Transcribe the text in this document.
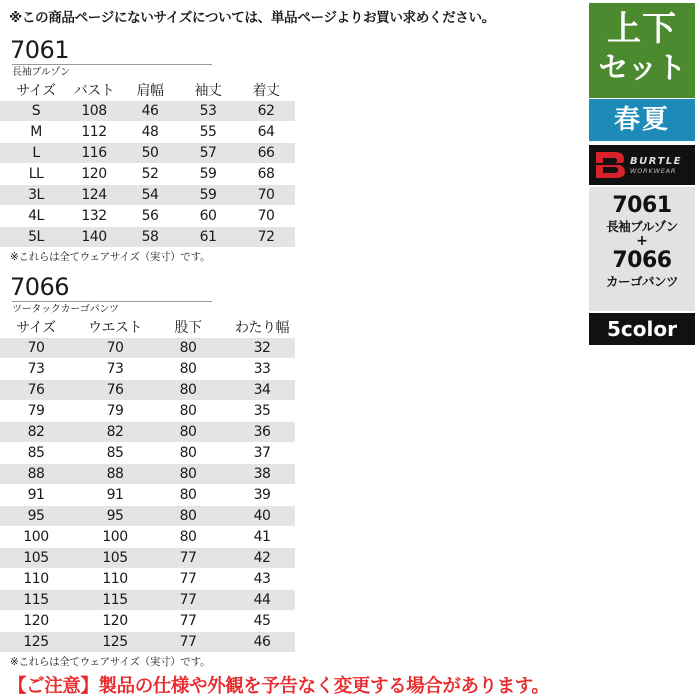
※この商品ページにないサイズについては、単品ページよりお買い求めください。
7061
長袖ブルゾン
サイズ	バスト	肩幅	袖丈	着丈
S	108	46	53	62
M	112	48	55	64
L	116	50	57	66
LL	120	52	59	68
3L	124	54	59	70
4L	132	56	60	70
5L	140	58	61	72
※これらは全てウェアサイズ（実寸）です。
7066
ツータックカーゴパンツ
サイズ	ウエスト	股下	わたり幅
70	70	80	32
73	73	80	33
76	76	80	34
79	79	80	35
82	82	80	36
85	85	80	37
88	88	80	38
91	91	80	39
95	95	80	40
100	100	80	41
105	105	77	42
110	110	77	43
115	115	77	44
120	120	77	45
125	125	77	46
※これらは全てウェアサイズ（実寸）です。
【ご注意】製品の仕様や外観を予告なく変更する場合があります。
上下
セット
春夏
BURTLE
WORKWEAR
7061
長袖ブルゾン
+
7066
カーゴパンツ
5color
